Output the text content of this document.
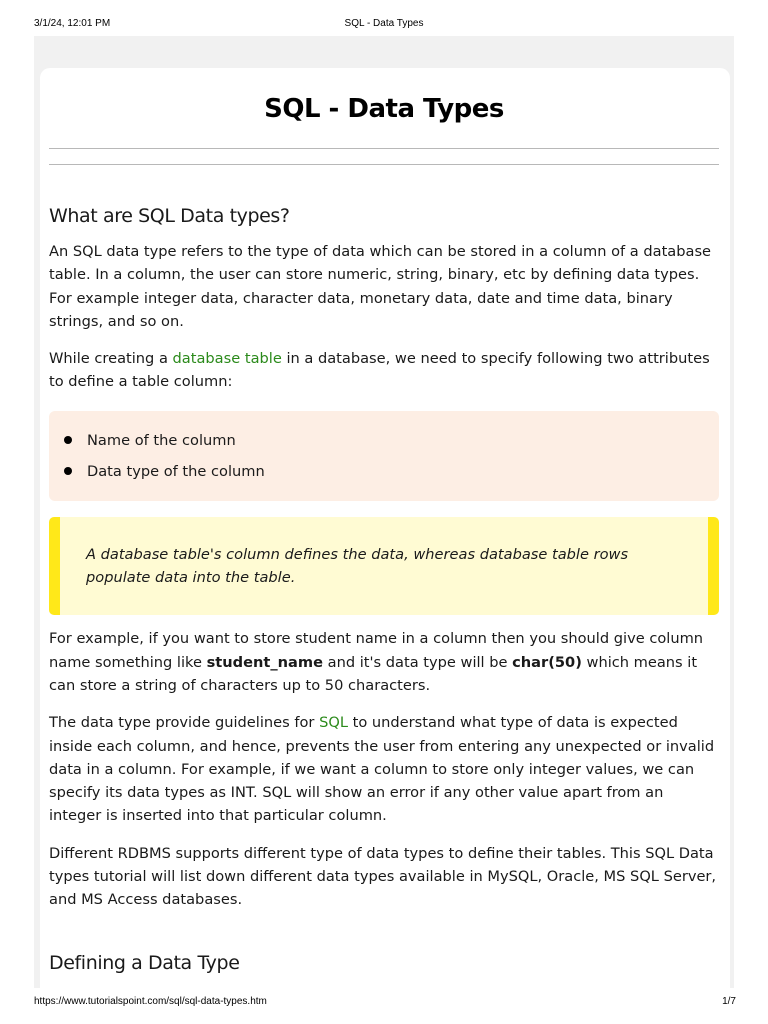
3/1/24, 12:01 PM	SQL - Data Types
SQL - Data Types
What are SQL Data types?

An SQL data type refers to the type of data which can be stored in a column of a database table. In a column, the user can store numeric, string, binary, etc by defining data types. For example integer data, character data, monetary data, date and time data, binary strings, and so on.

While creating a database table in a database, we need to specify following two attributes to define a table column:

Name of the column
Data type of the column

A database table's column defines the data, whereas database table rows populate data into the table.

For example, if you want to store student name in a column then you should give column name something like student_name and it's data type will be char(50) which means it can store a string of characters up to 50 characters.

The data type provide guidelines for SQL to understand what type of data is expected inside each column, and hence, prevents the user from entering any unexpected or invalid data in a column. For example, if we want a column to store only integer values, we can specify its data types as INT. SQL will show an error if any other value apart from an integer is inserted into that particular column.

Different RDBMS supports different type of data types to define their tables. This SQL Data types tutorial will list down different data types available in MySQL, Oracle, MS SQL Server, and MS Access databases.

Defining a Data Type
https://www.tutorialspoint.com/sql/sql-data-types.htm	1/7
